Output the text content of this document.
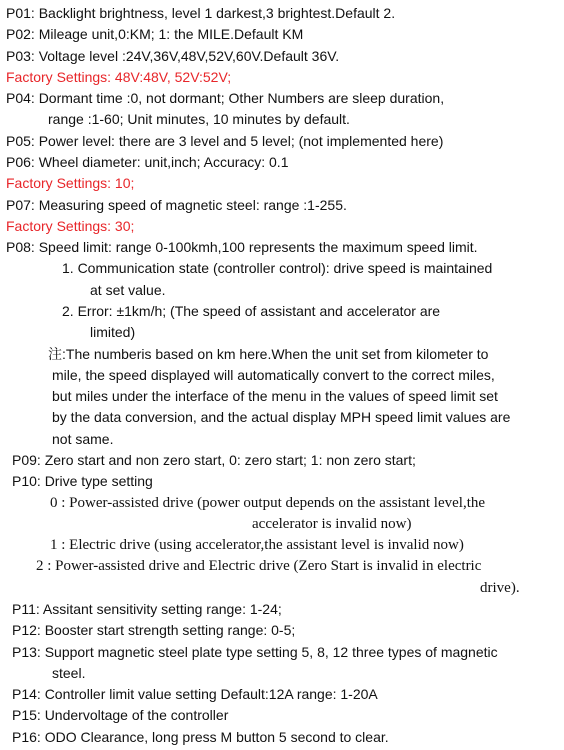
P01: Backlight brightness, level 1 darkest,3 brightest.Default 2.
P02: Mileage unit,0:KM; 1: the MILE.Default KM
P03: Voltage level :24V,36V,48V,52V,60V.Default 36V.
Factory Settings: 48V:48V, 52V:52V;
P04: Dormant time :0, not dormant; Other Numbers are sleep duration,
range :1-60; Unit minutes, 10 minutes by default.
P05: Power level: there are 3 level and 5 level; (not implemented here)
P06: Wheel diameter: unit,inch; Accuracy: 0.1
Factory Settings: 10;
P07: Measuring speed of magnetic steel: range :1-255.
Factory Settings: 30;
P08: Speed limit: range 0-100kmh,100 represents the maximum speed limit.
1. Communication state (controller control): drive speed is maintained
at set value.
2. Error: ±1km/h; (The speed of assistant and accelerator are
limited)
注:The numberis based on km here.When the unit set from kilometer to
mile, the speed displayed will automatically convert to the correct miles,
but miles under the interface of the menu in the values of speed limit set
by the data conversion, and the actual display MPH speed limit values are
not same.
P09: Zero start and non zero start, 0: zero start; 1: non zero start;
P10: Drive type setting
0 : Power-assisted drive (power output depends on the assistant level,the
accelerator is invalid now)
1 : Electric drive (using accelerator,the assistant level is invalid now)
2 : Power-assisted drive and Electric drive (Zero Start is invalid in electric
drive).
P11: Assitant sensitivity setting range: 1-24;
P12: Booster start strength setting range: 0-5;
P13: Support magnetic steel plate type setting 5, 8, 12 three types of magnetic
steel.
P14: Controller limit value setting Default:12A range: 1-20A
P15: Undervoltage of the controller
P16: ODO Clearance, long press M button 5 second to clear.
